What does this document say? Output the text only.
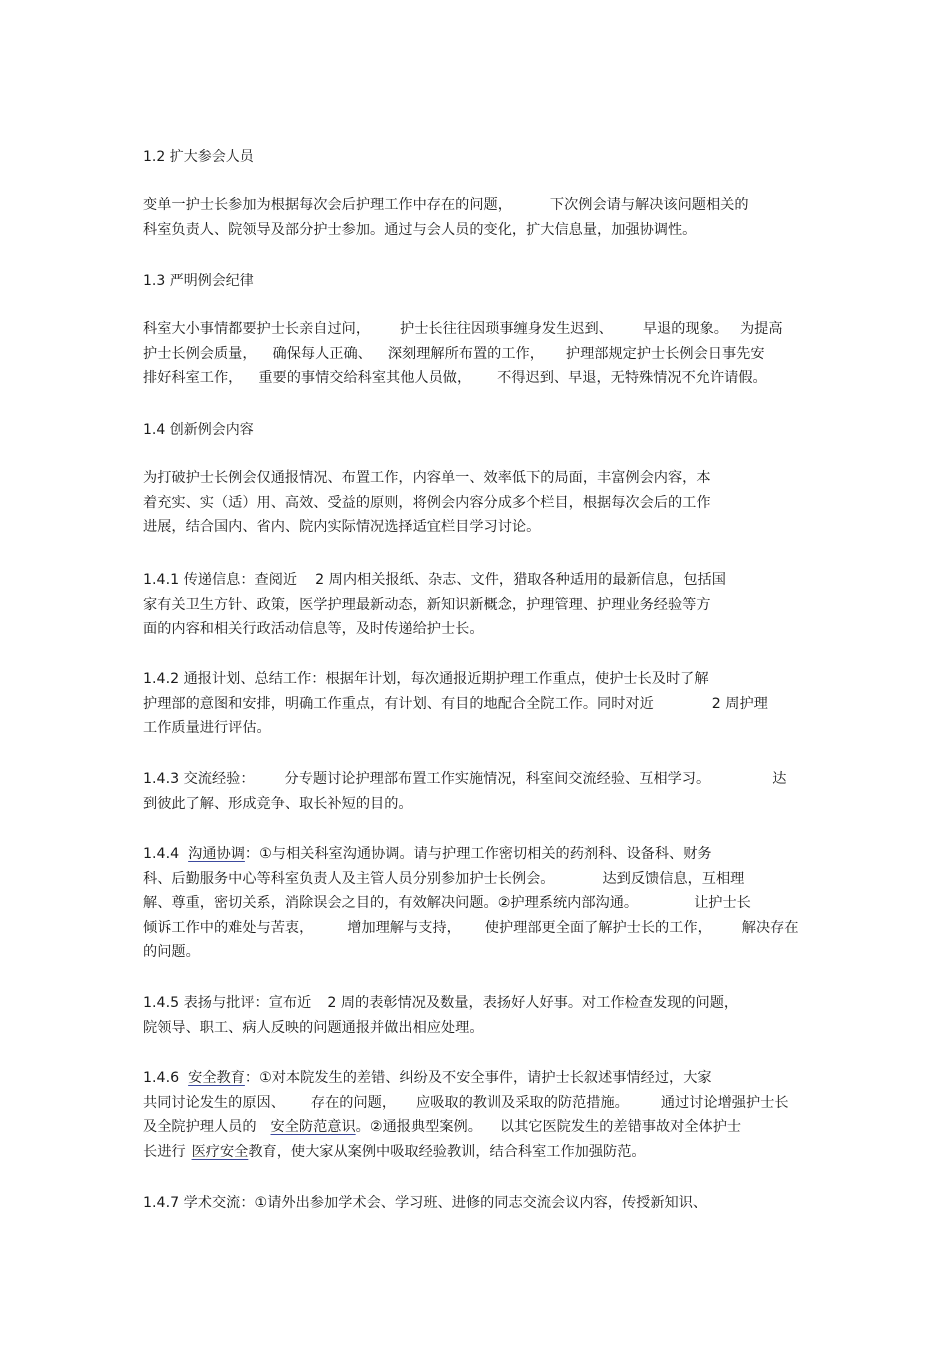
1.2 扩大参会人员
变单一护士长参加为根据每次会后护理工作中存在的问题，	下次例会请与解决该问题相关的
科室负责人、院领导及部分护士参加。通过与会人员的变化，扩大信息量，加强协调性。
1.3 严明例会纪律
科室大小事情都要护士长亲自过问， 护士长往往因琐事缠身发生迟到、 早退的现象。 为提高
护士长例会质量， 确保每人正确、 深刻理解所布置的工作， 护理部规定护士长例会日事先安
排好科室工作， 重要的事情交给科室其他人员做， 不得迟到、早退，无特殊情况不允许请假。
1.4 创新例会内容
为打破护士长例会仅通报情况、布置工作，内容单一、效率低下的局面，丰富例会内容，本
着充实、实（适）用、高效、受益的原则，将例会内容分成多个栏目，根据每次会后的工作
进展，结合国内、省内、院内实际情况选择适宜栏目学习讨论。
1.4.1 传递信息：查阅近 2 周内相关报纸、杂志、文件，猎取各种适用的最新信息，包括国
家有关卫生方针、政策，医学护理最新动态，新知识新概念，护理管理、护理业务经验等方
面的内容和相关行政活动信息等，及时传递给护士长。
1.4.2 通报计划、总结工作：根据年计划，每次通报近期护理工作重点，使护士长及时了解
护理部的意图和安排，明确工作重点，有计划、有目的地配合全院工作。同时对近	2 周护理
工作质量进行评估。
1.4.3 交流经验： 分专题讨论护理部布置工作实施情况，科室间交流经验、互相学习。	达
到彼此了解、形成竞争、取长补短的目的。
1.4.4  沟通协调：①与相关科室沟通协调。请与护理工作密切相关的药剂科、设备科、财务
科、后勤服务中心等科室负责人及主管人员分别参加护士长例会。	达到反馈信息，互相理
解、尊重，密切关系，消除误会之目的，有效解决问题。②护理系统内部沟通。	让护士长
倾诉工作中的难处与苦衷， 增加理解与支持， 使护理部更全面了解护士长的工作， 解决存在
的问题。
1.4.5 表扬与批评：宣布近 2 周的表彰情况及数量，表扬好人好事。对工作检查发现的问题，
院领导、职工、病人反映的问题通报并做出相应处理。
1.4.6  安全教育：①对本院发生的差错、纠纷及不安全事件，请护士长叙述事情经过，大家
共同讨论发生的原因、 存在的问题， 应吸取的教训及采取的防范措施。 通过讨论增强护士长
及全院护理人员的 安全防范意识。②通报典型案例。 以其它医院发生的差错事故对全体护士
长进行 医疗安全教育，使大家从案例中吸取经验教训，结合科室工作加强防范。
1.4.7 学术交流：①请外出参加学术会、学习班、进修的同志交流会议内容，传授新知识、
